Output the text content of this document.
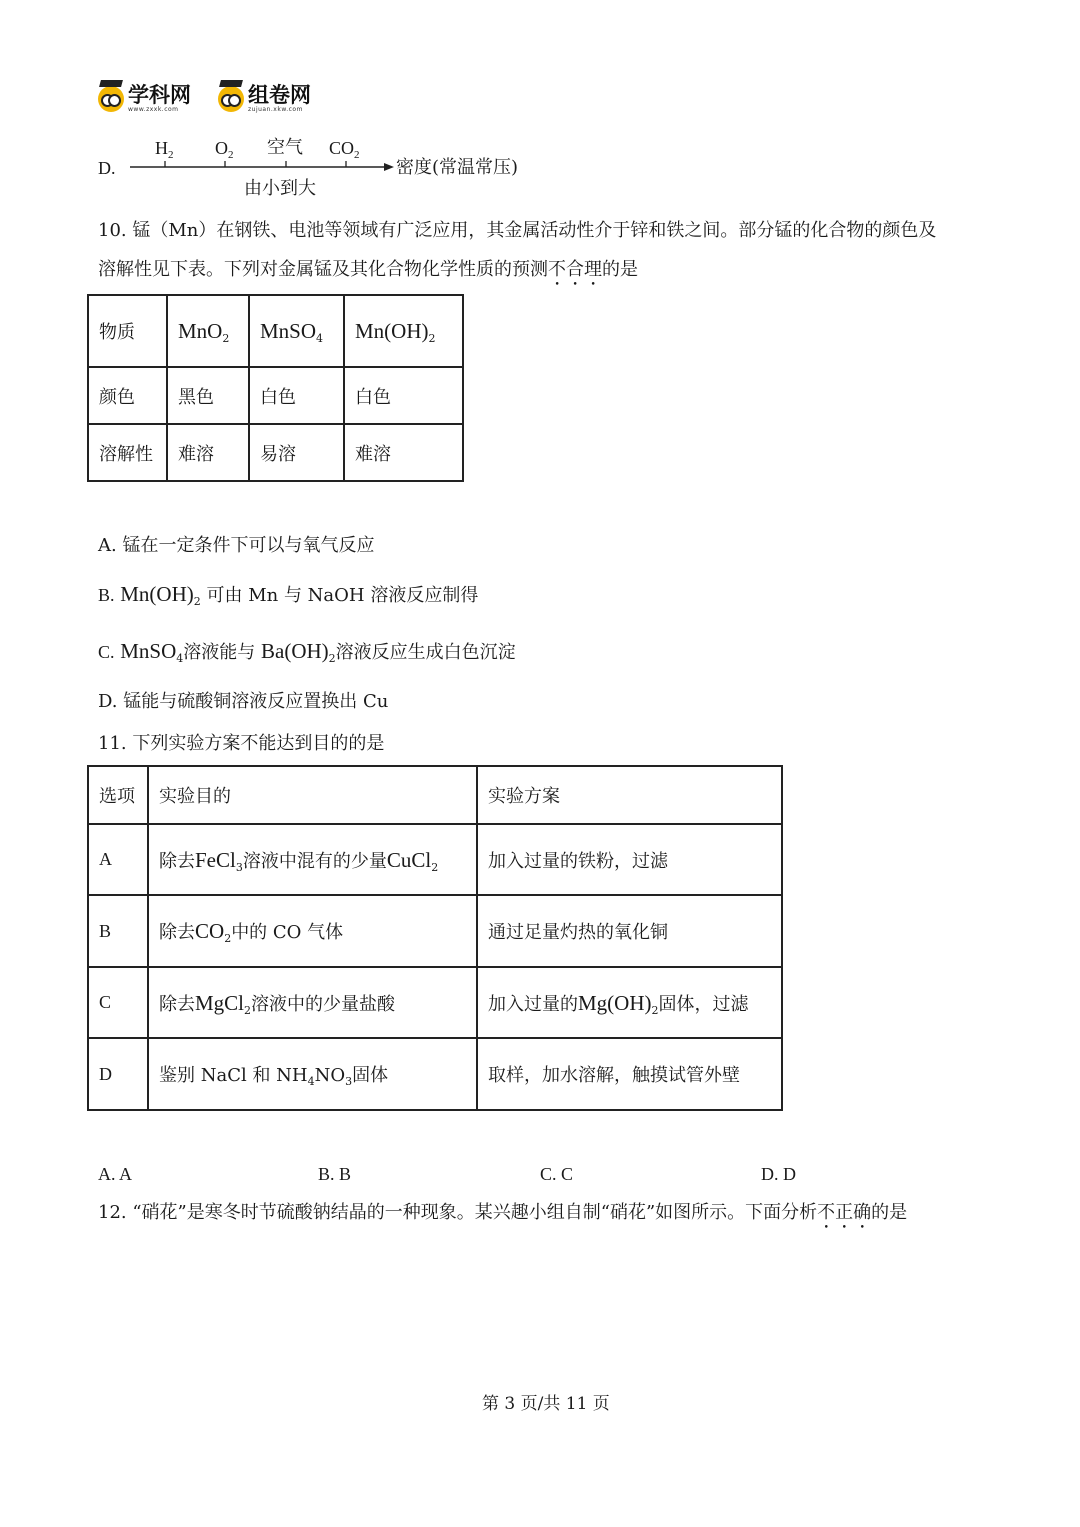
学科网
www.zxxk.com
组卷网
zujuan.xkw.com
D.
$H_2$ $O_2$ 空气 $CO_2$
密度(常温常压)
由小到大
10. 锰（Mn）在钢铁、电池等领域有广泛应用，其金属活动性介于锌和铁之间。部分锰的化合物的颜色及
溶解性见下表。下列对金属锰及其化合物化学性质的预测不合理的是
物质	MnO$_2$	MnSO$_4$	$Mn(OH)_2$
颜色	黑色	白色	白色
溶解性	难溶	易溶	难溶
A. 锰在一定条件下可以与氧气反应
B. $Mn(OH)_2$ 可由 Mn 与 NaOH 溶液反应制得
C. MnSO$_4$溶液能与 $Ba(OH)_2$溶液反应生成白色沉淀
D. 锰能与硫酸铜溶液反应置换出 Cu
11. 下列实验方案不能达到目的的是
选项	实验目的	实验方案
A	除去FeCl$_3$溶液中混有的少量CuCl$_2$	加入过量的铁粉，过滤
B	除去$CO_2$中的 CO 气体	通过足量灼热的氧化铜
C	除去MgCl$_2$溶液中的少量盐酸	加入过量的$Mg(OH)_2$固体，过滤
D	鉴别 NaCl 和 $NH_4NO_3$固体	取样，加水溶解，触摸试管外壁
A. A	B. B	C. C	D. D
12. “硝花”是寒冬时节硫酸钠结晶的一种现象。某兴趣小组自制“硝花”如图所示。下面分析不正确的是
第 3 页/共 11 页
